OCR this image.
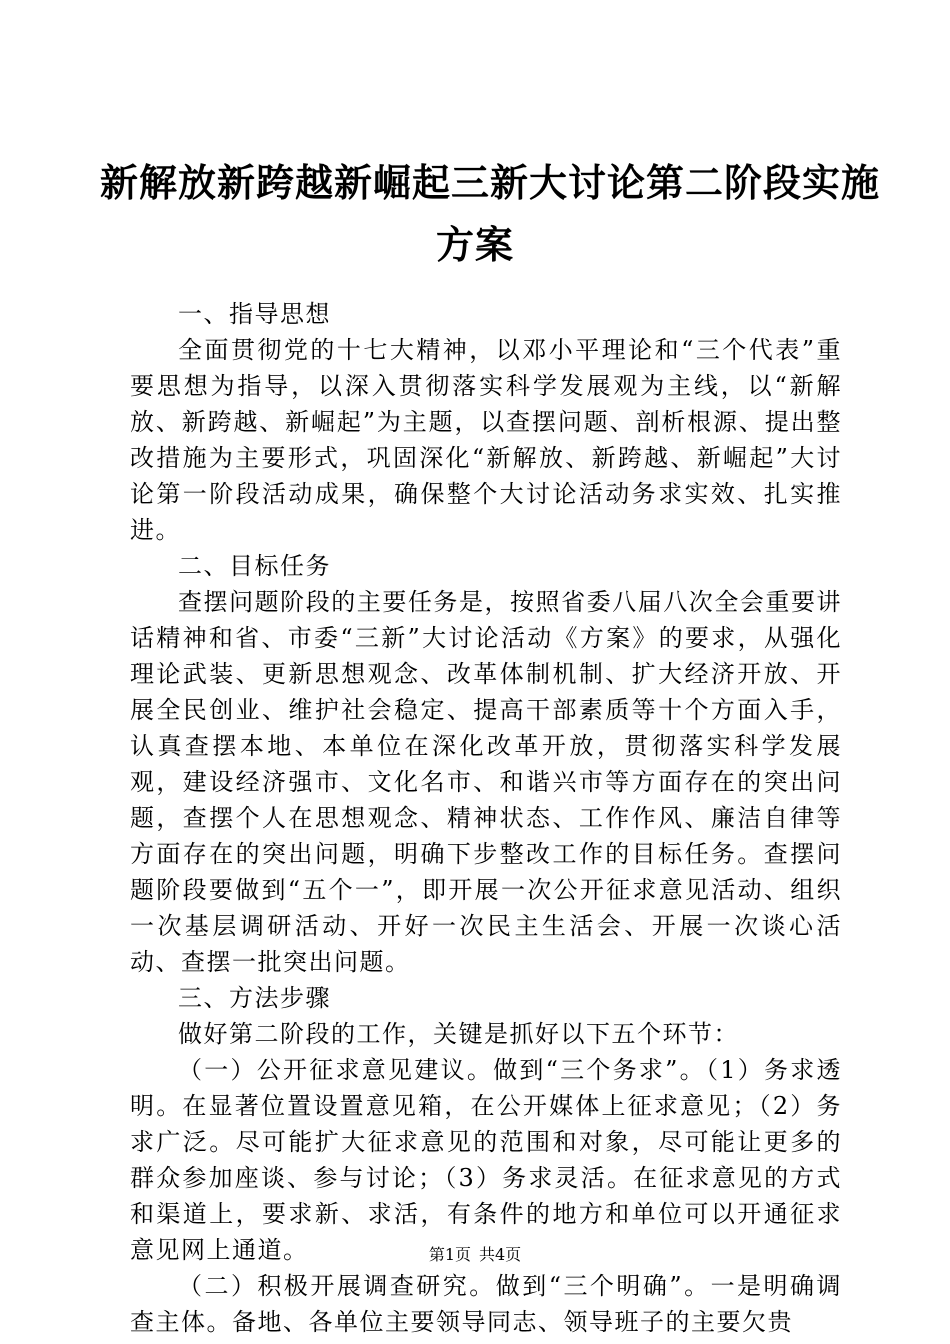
新解放新跨越新崛起三新大讨论第二阶段实施
方案

一、指导思想

全面贯彻党的十七大精神，以邓小平理论和“三个代表”重要思想为指导，以深入贯彻落实科学发展观为主线，以“新解放、新跨越、新崛起”为主题，以查摆问题、剖析根源、提出整改措施为主要形式，巩固深化“新解放、新跨越、新崛起”大讨论第一阶段活动成果，确保整个大讨论活动务求实效、扎实推进。

二、目标任务

查摆问题阶段的主要任务是，按照省委八届八次全会重要讲话精神和省、市委“三新”大讨论活动《方案》的要求，从强化理论武装、更新思想观念、改革体制机制、扩大经济开放、开展全民创业、维护社会稳定、提高干部素质等十个方面入手，认真查摆本地、本单位在深化改革开放，贯彻落实科学发展观，建设经济强市、文化名市、和谐兴市等方面存在的突出问题，查摆个人在思想观念、精神状态、工作作风、廉洁自律等方面存在的突出问题，明确下步整改工作的目标任务。查摆问题阶段要做到“五个一”，即开展一次公开征求意见活动、组织一次基层调研活动、开好一次民主生活会、开展一次谈心活动、查摆一批突出问题。

三、方法步骤

做好第二阶段的工作，关键是抓好以下五个环节：

（一）公开征求意见建议。做到“三个务求”。（1）务求透明。在显著位置设置意见箱，在公开媒体上征求意见；（2）务求广泛。尽可能扩大征求意见的范围和对象，尽可能让更多的群众参加座谈、参与讨论；（3）务求灵活。在征求意见的方式和渠道上，要求新、求活，有条件的地方和单位可以开通征求意见网上通道。

（二）积极开展调查研究。做到“三个明确”。一是明确调查主体。备地、各单位主要领导同志、领导班子的主要欠贵

第1页 共4页
